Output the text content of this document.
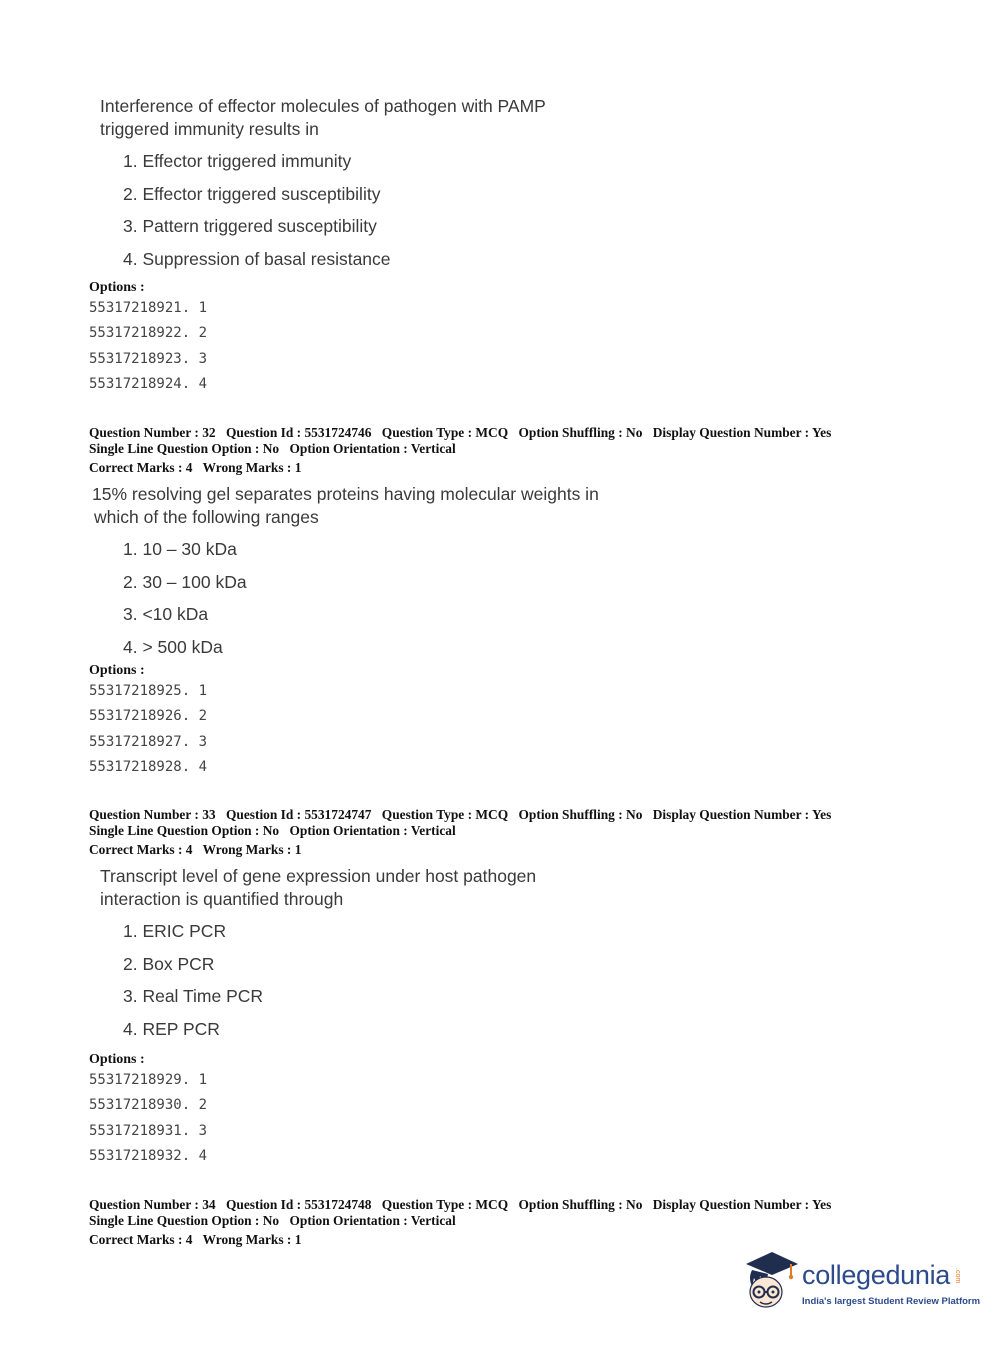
Interference of effector molecules of pathogen with PAMP
triggered immunity results in
1. Effector triggered immunity
2. Effector triggered susceptibility
3. Pattern triggered susceptibility
4. Suppression of basal resistance
Options :
55317218921. 1
55317218922. 2
55317218923. 3
55317218924. 4
Question Number : 32 Question Id : 5531724746 Question Type : MCQ Option Shuffling : No Display Question Number : Yes
Single Line Question Option : No Option Orientation : Vertical
Correct Marks : 4 Wrong Marks : 1
15% resolving gel separates proteins having molecular weights in
which of the following ranges
1. 10 – 30 kDa
2. 30 – 100 kDa
3. <10 kDa
4. > 500 kDa
Options :
55317218925. 1
55317218926. 2
55317218927. 3
55317218928. 4
Question Number : 33 Question Id : 5531724747 Question Type : MCQ Option Shuffling : No Display Question Number : Yes
Single Line Question Option : No Option Orientation : Vertical
Correct Marks : 4 Wrong Marks : 1
Transcript level of gene expression under host pathogen
interaction is quantified through
1. ERIC PCR
2. Box PCR
3. Real Time PCR
4. REP PCR
Options :
55317218929. 1
55317218930. 2
55317218931. 3
55317218932. 4
Question Number : 34 Question Id : 5531724748 Question Type : MCQ Option Shuffling : No Display Question Number : Yes
Single Line Question Option : No Option Orientation : Vertical
Correct Marks : 4 Wrong Marks : 1
collegedunia .com
India's largest Student Review Platform
